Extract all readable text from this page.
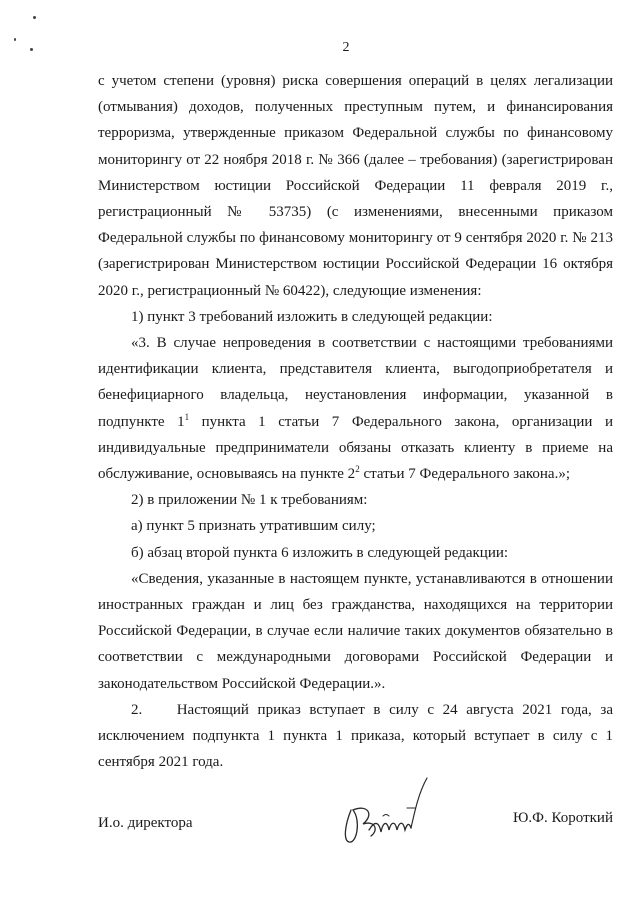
2

с учетом степени (уровня) риска совершения операций в целях легализации (отмывания) доходов, полученных преступным путем, и финансирования терроризма, утвержденные приказом Федеральной службы по финансовому мониторингу от 22 ноября 2018 г. № 366 (далее – требования) (зарегистрирован Министерством юстиции Российской Федерации 11 февраля 2019 г., регистрационный № 53735) (с изменениями, внесенными приказом Федеральной службы по финансовому мониторингу от 9 сентября 2020 г. № 213 (зарегистрирован Министерством юстиции Российской Федерации 16 октября 2020 г., регистрационный № 60422), следующие изменения:

1) пункт 3 требований изложить в следующей редакции:

«3. В случае непроведения в соответствии с настоящими требованиями идентификации клиента, представителя клиента, выгодоприобретателя и бенефициарного владельца, неустановления информации, указанной в подпункте $1^1$ пункта 1 статьи 7 Федерального закона, организации и индивидуальные предприниматели обязаны отказать клиенту в приеме на обслуживание, основываясь на пункте $2^2$ статьи 7 Федерального закона.»;

2) в приложении № 1 к требованиям:

а) пункт 5 признать утратившим силу;

б) абзац второй пункта 6 изложить в следующей редакции:

«Сведения, указанные в настоящем пункте, устанавливаются в отношении иностранных граждан и лиц без гражданства, находящихся на территории Российской Федерации, в случае если наличие таких документов обязательно в соответствии с международными договорами Российской Федерации и законодательством Российской Федерации.».

2.    Настоящий приказ вступает в силу с 24 августа 2021 года, за исключением подпункта 1 пункта 1 приказа, который вступает в силу с 1 сентября 2021 года.

И.о. директора	Ю.Ф. Короткий
